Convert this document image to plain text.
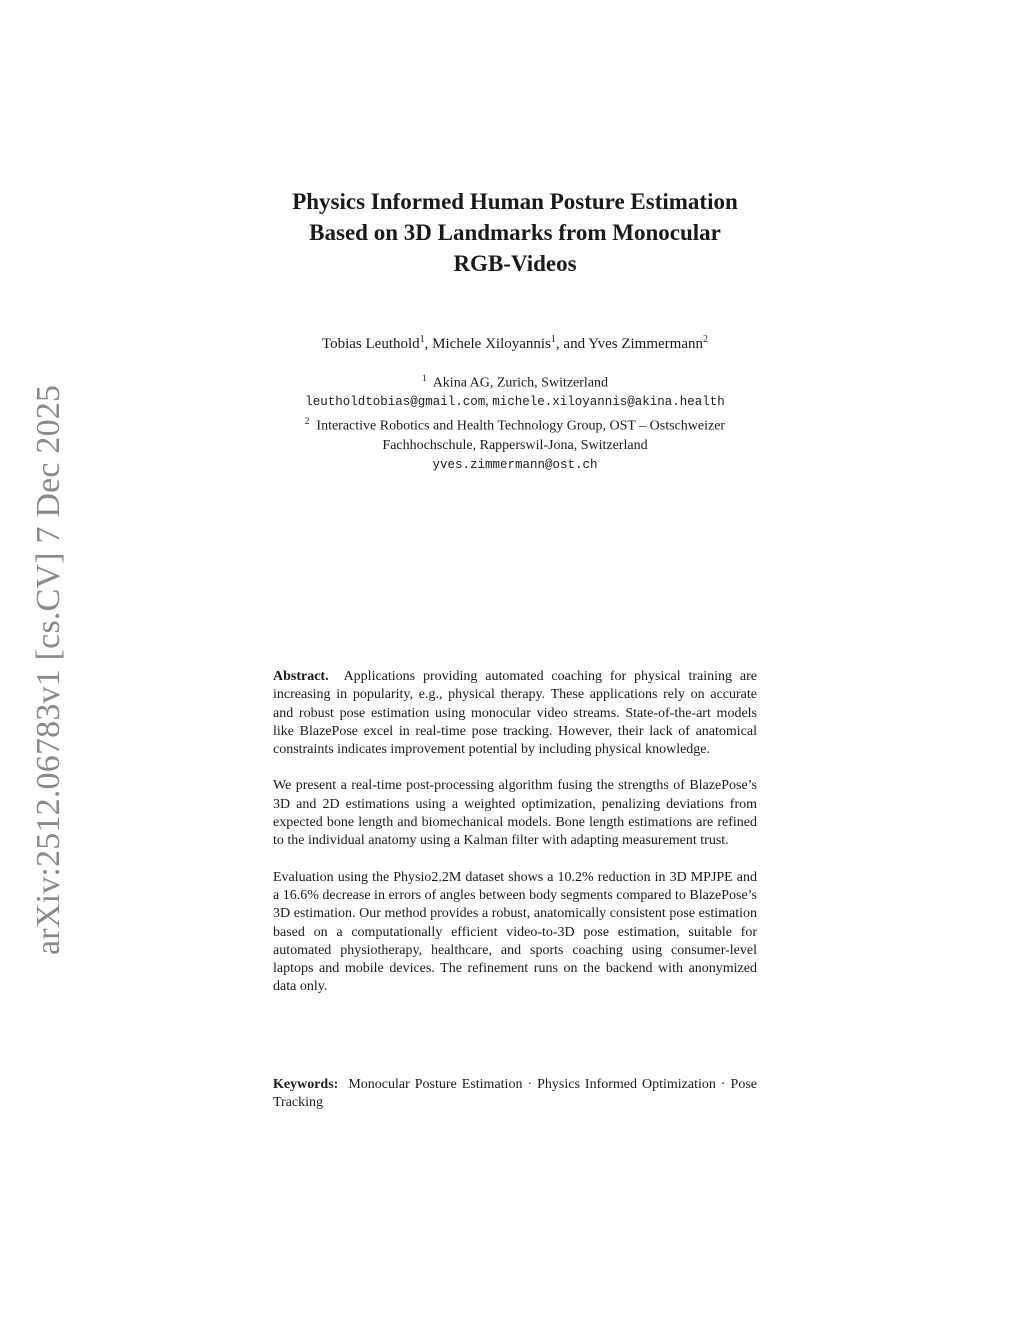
arXiv:2512.06783v1 [cs.CV] 7 Dec 2025
Physics Informed Human Posture Estimation
Based on 3D Landmarks from Monocular
RGB-Videos
Tobias Leuthold$^1$, Michele Xiloyannis$^1$, and Yves Zimmermann$^2$
$^1$ Akina AG, Zurich, Switzerland
leutholdtobias@gmail.com, michele.xiloyannis@akina.health
$^2$ Interactive Robotics and Health Technology Group, OST – Ostschweizer
Fachhochschule, Rapperswil-Jona, Switzerland
yves.zimmermann@ost.ch

Abstract. Applications providing automated coaching for physical training are increasing in popularity, e.g., physical therapy. These applications rely on accurate and robust pose estimation using monocular video streams. State-of-the-art models like BlazePose excel in real-time pose tracking. However, their lack of anatomical constraints indicates improvement potential by including physical knowledge.

We present a real-time post-processing algorithm fusing the strengths of BlazePose’s 3D and 2D estimations using a weighted optimization, penalizing deviations from expected bone length and biomechanical models. Bone length estimations are refined to the individual anatomy using a Kalman filter with adapting measurement trust.

Evaluation using the Physio2.2M dataset shows a 10.2% reduction in 3D MPJPE and a 16.6% decrease in errors of angles between body segments compared to BlazePose’s 3D estimation. Our method provides a robust, anatomically consistent pose estimation based on a computationally efficient video-to-3D pose estimation, suitable for automated physiotherapy, healthcare, and sports coaching using consumer-level laptops and mobile devices. The refinement runs on the backend with anonymized data only.

Keywords: Monocular Posture Estimation · Physics Informed Optimization · Pose Tracking
